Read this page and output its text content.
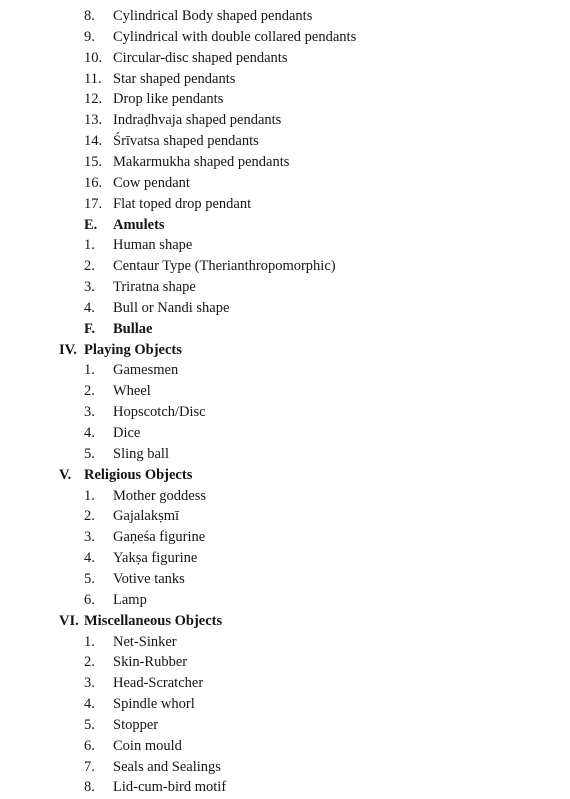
8. Cylindrical Body shaped pendants
9. Cylindrical with double collared pendants
10. Circular-disc shaped pendants
11. Star shaped pendants
12. Drop like pendants
13. Indraḍhvaja shaped pendants
14. Śrīvatsa shaped pendants
15. Makarmukha shaped pendants
16. Cow pendant
17. Flat toped drop pendant
E. Amulets
1. Human shape
2. Centaur Type (Therianthropomorphic)
3. Triratna shape
4. Bull or Nandi shape
F. Bullae
IV. Playing Objects
1. Gamesmen
2. Wheel
3. Hopscotch/Disc
4. Dice
5. Sling ball
V. Religious Objects
1. Mother goddess
2. Gajalakṣmī
3. Gaṇeśa figurine
4. Yakṣa figurine
5. Votive tanks
6. Lamp
VI. Miscellaneous Objects
1. Net-Sinker
2. Skin-Rubber
3. Head-Scratcher
4. Spindle whorl
5. Stopper
6. Coin mould
7. Seals and Sealings
8. Lid-cum-bird motif
